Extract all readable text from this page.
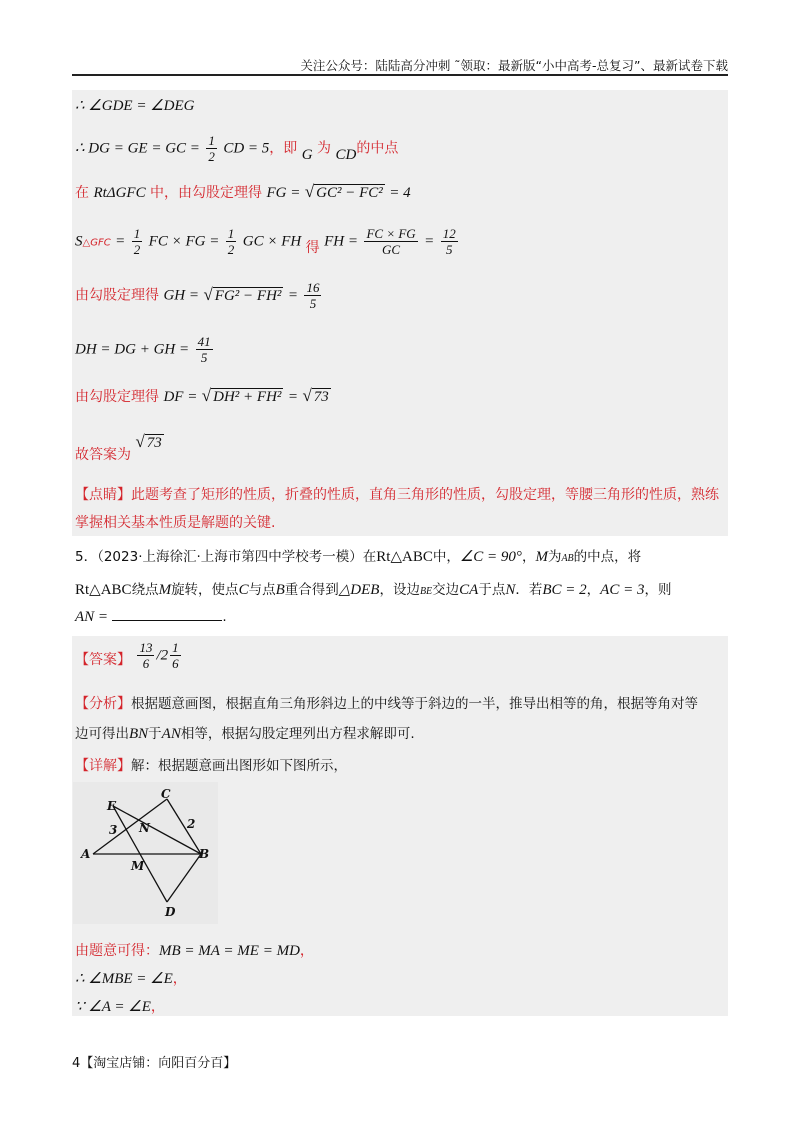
关注公众号：陆陆高分冲刺 ˜领取：最新版“小中高考-总复习”、最新试卷下载
∴ ∠GDE = ∠DEG
∴ DG = GE = GC = $\frac{1}{2}$ CD = 5，即 G 为 CD的中点
在 RtΔGFC 中，由勾股定理得 FG = √ GC² − FC² = 4
S△GFC = $\frac{1}{2}$ FC × FG = $\frac{1}{2}$ GC × FH 得 FH = $\frac{FC \times FG}{GC} = \frac{12}{5}$
由勾股定理得 GH = √ $FG^2 - FH^2 = \frac{16}{5}$
DH = DG + GH = $\frac{41}{5}$
由勾股定理得 DF = √ DH² + FH² = √ 73
故答案为 √ 73
【点睛】此题考查了矩形的性质，折叠的性质，直角三角形的性质，勾股定理，等腰三角形的性质，熟练
掌握相关基本性质是解题的关键.
5．（2023·上海徐汇·上海市第四中学校考一模）在Rt△ABC中，∠C = 90°，M为AB的中点，将
Rt△ABC绕点M旋转，使点C与点B重合得到△DEB，设边BE交边CA于点N．若BC = 2，AC = 3，则
AN =	.
【答案】 $\frac{13}{6} /2 \frac{1}{6}$
【分析】根据题意画图，根据直角三角形斜边上的中线等于斜边的一半，推导出相等的角，根据等角对等
边可得出BN于AN相等，根据勾股定理列出方程求解即可.
【详解】解：根据题意画出图形如下图所示，
E
C
N
A	B
M
D
3	2
由题意可得：MB = MA = ME = MD，
∴ ∠MBE = ∠E，
∵ ∠A = ∠E，
4【淘宝店铺：向阳百分百】
